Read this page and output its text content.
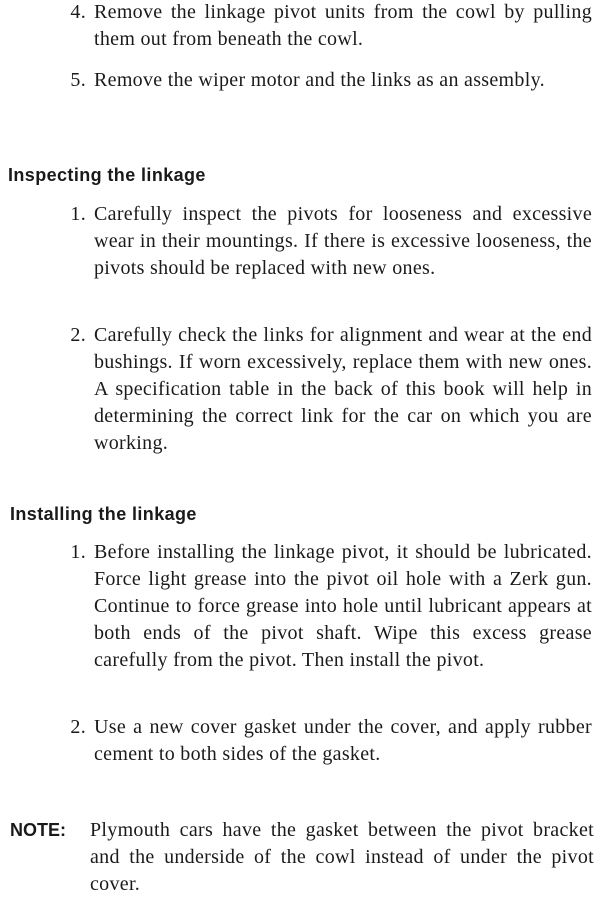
4. Remove the linkage pivot units from the cowl by pulling them out from beneath the cowl.
5. Remove the wiper motor and the links as an assembly.
Inspecting the linkage
1. Carefully inspect the pivots for looseness and excessive wear in their mountings. If there is excessive looseness, the pivots should be replaced with new ones.
2. Carefully check the links for alignment and wear at the end bushings. If worn excessively, replace them with new ones. A specification table in the back of this book will help in determining the correct link for the car on which you are working.
Installing the linkage
1. Before installing the linkage pivot, it should be lubricated. Force light grease into the pivot oil hole with a Zerk gun. Continue to force grease into hole until lubricant appears at both ends of the pivot shaft. Wipe this excess grease carefully from the pivot. Then install the pivot.
2. Use a new cover gasket under the cover, and apply rubber cement to both sides of the gasket.
NOTE:	Plymouth cars have the gasket between the pivot bracket and the underside of the cowl instead of under the pivot cover.
